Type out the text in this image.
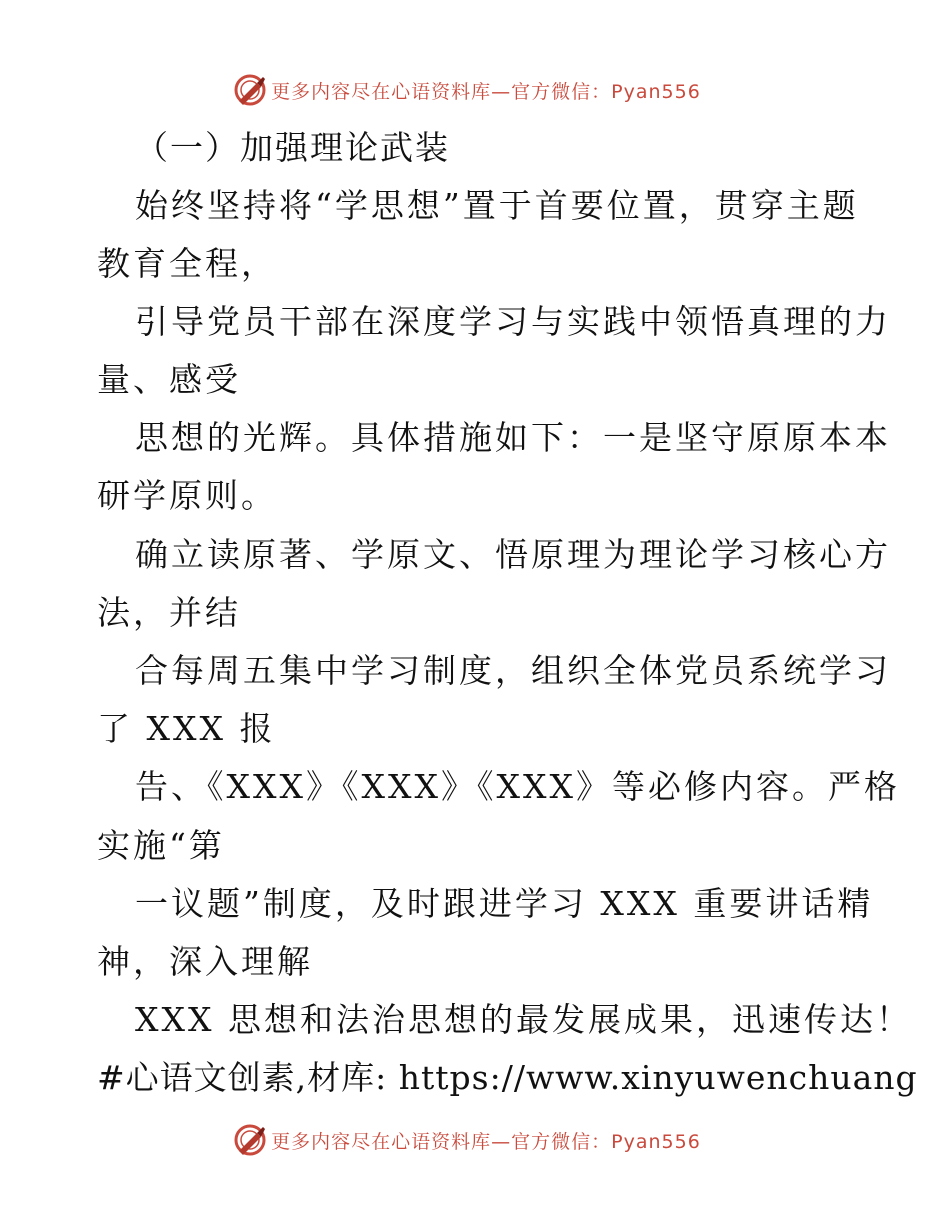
更多内容尽在心语资料库—官方微信：Pyan556
（一）加强理论武装
始终坚持将“学思想”置于首要位置，贯穿主题
教育全程，
引导党员干部在深度学习与实践中领悟真理的力
量、感受
思想的光辉。具体措施如下：一是坚守原原本本
研学原则。
确立读原著、学原文、悟原理为理论学习核心方
法，并结
合每周五集中学习制度，组织全体党员系统学习
了 XXX 报
告、《XXX》《XXX》《XXX》等必修内容。严格
实施“第
一议题”制度，及时跟进学习 XXX 重要讲话精
神，深入理解
XXX 思想和法治思想的最发展成果，迅速传达！
#心语文创素,材库: https://www.xinyuwenchuang
更多内容尽在心语资料库—官方微信：Pyan556
